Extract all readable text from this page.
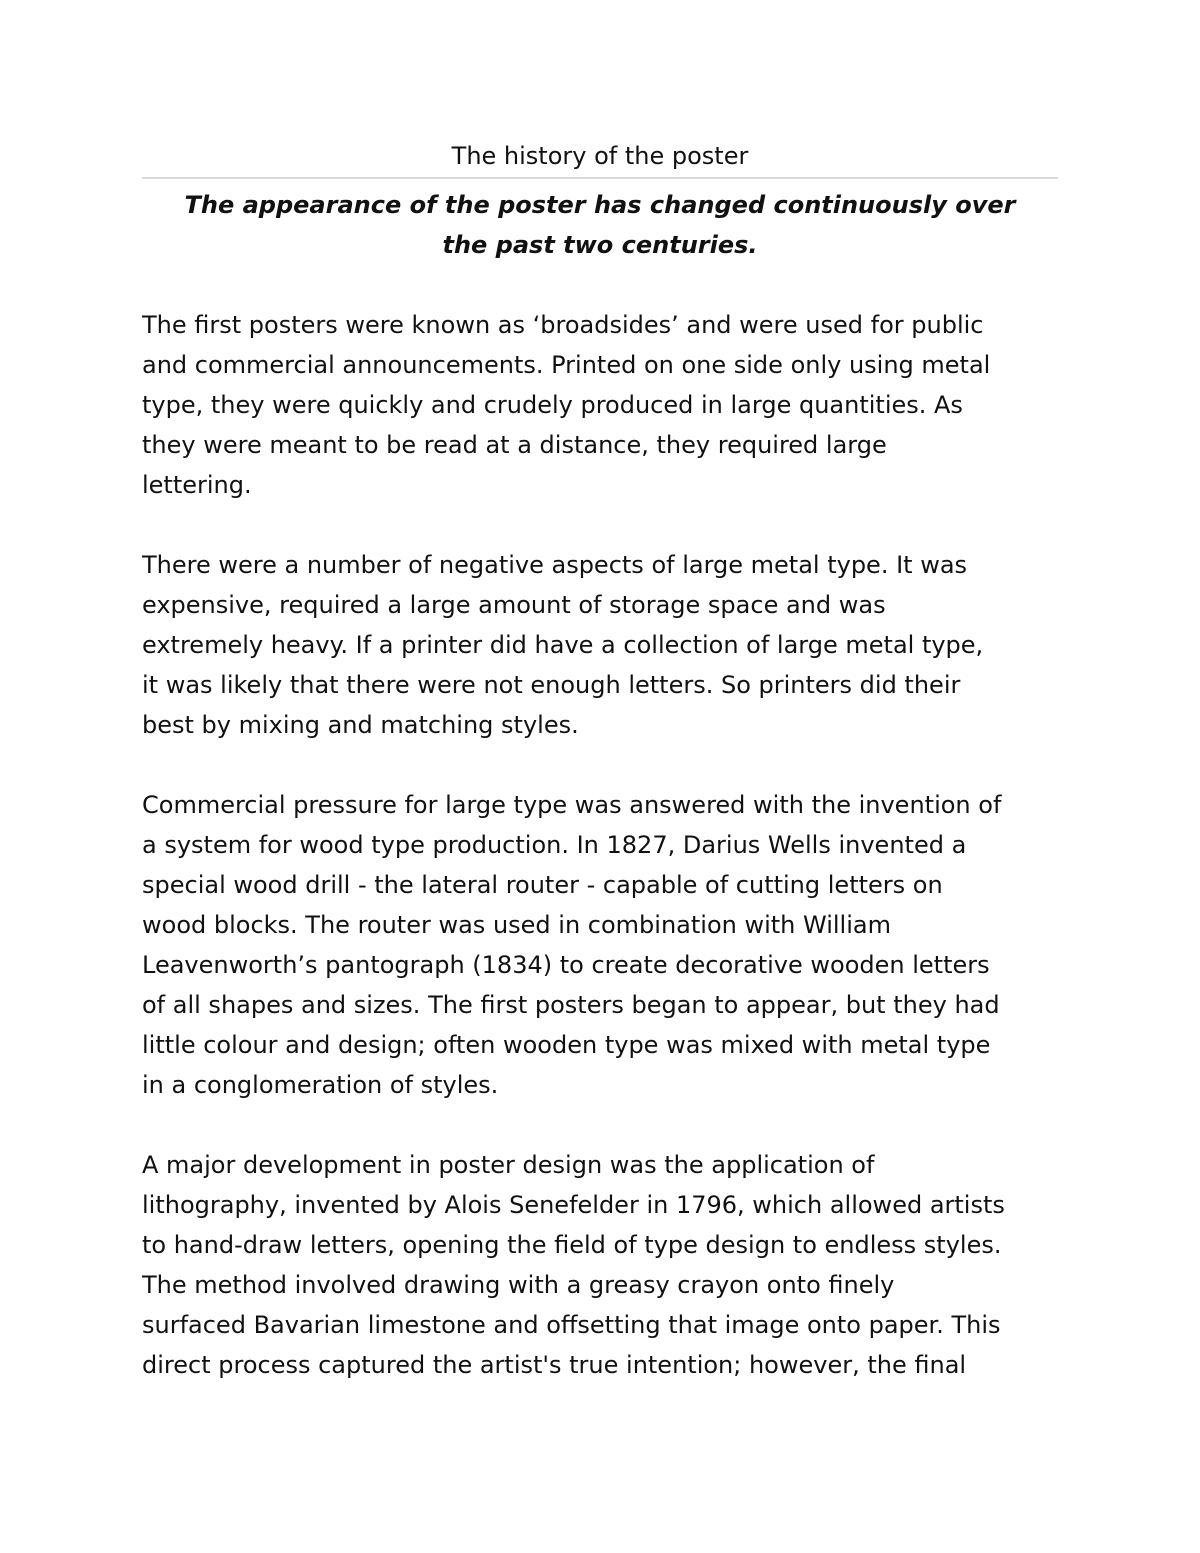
The history of the poster
The appearance of the poster has changed continuously over
the past two centuries.
The first posters were known as ‘broadsides’ and were used for public
and commercial announcements. Printed on one side only using metal
type, they were quickly and crudely produced in large quantities. As
they were meant to be read at a distance, they required large
lettering.
There were a number of negative aspects of large metal type. It was
expensive, required a large amount of storage space and was
extremely heavy. If a printer did have a collection of large metal type,
it was likely that there were not enough letters. So printers did their
best by mixing and matching styles.
Commercial pressure for large type was answered with the invention of
a system for wood type production. In 1827, Darius Wells invented a
special wood drill - the lateral router - capable of cutting letters on
wood blocks. The router was used in combination with William
Leavenworth’s pantograph (1834) to create decorative wooden letters
of all shapes and sizes. The first posters began to appear, but they had
little colour and design; often wooden type was mixed with metal type
in a conglomeration of styles.
A major development in poster design was the application of
lithography, invented by Alois Senefelder in 1796, which allowed artists
to hand-draw letters, opening the field of type design to endless styles.
The method involved drawing with a greasy crayon onto finely
surfaced Bavarian limestone and offsetting that image onto paper. This
direct process captured the artist's true intention; however, the final
